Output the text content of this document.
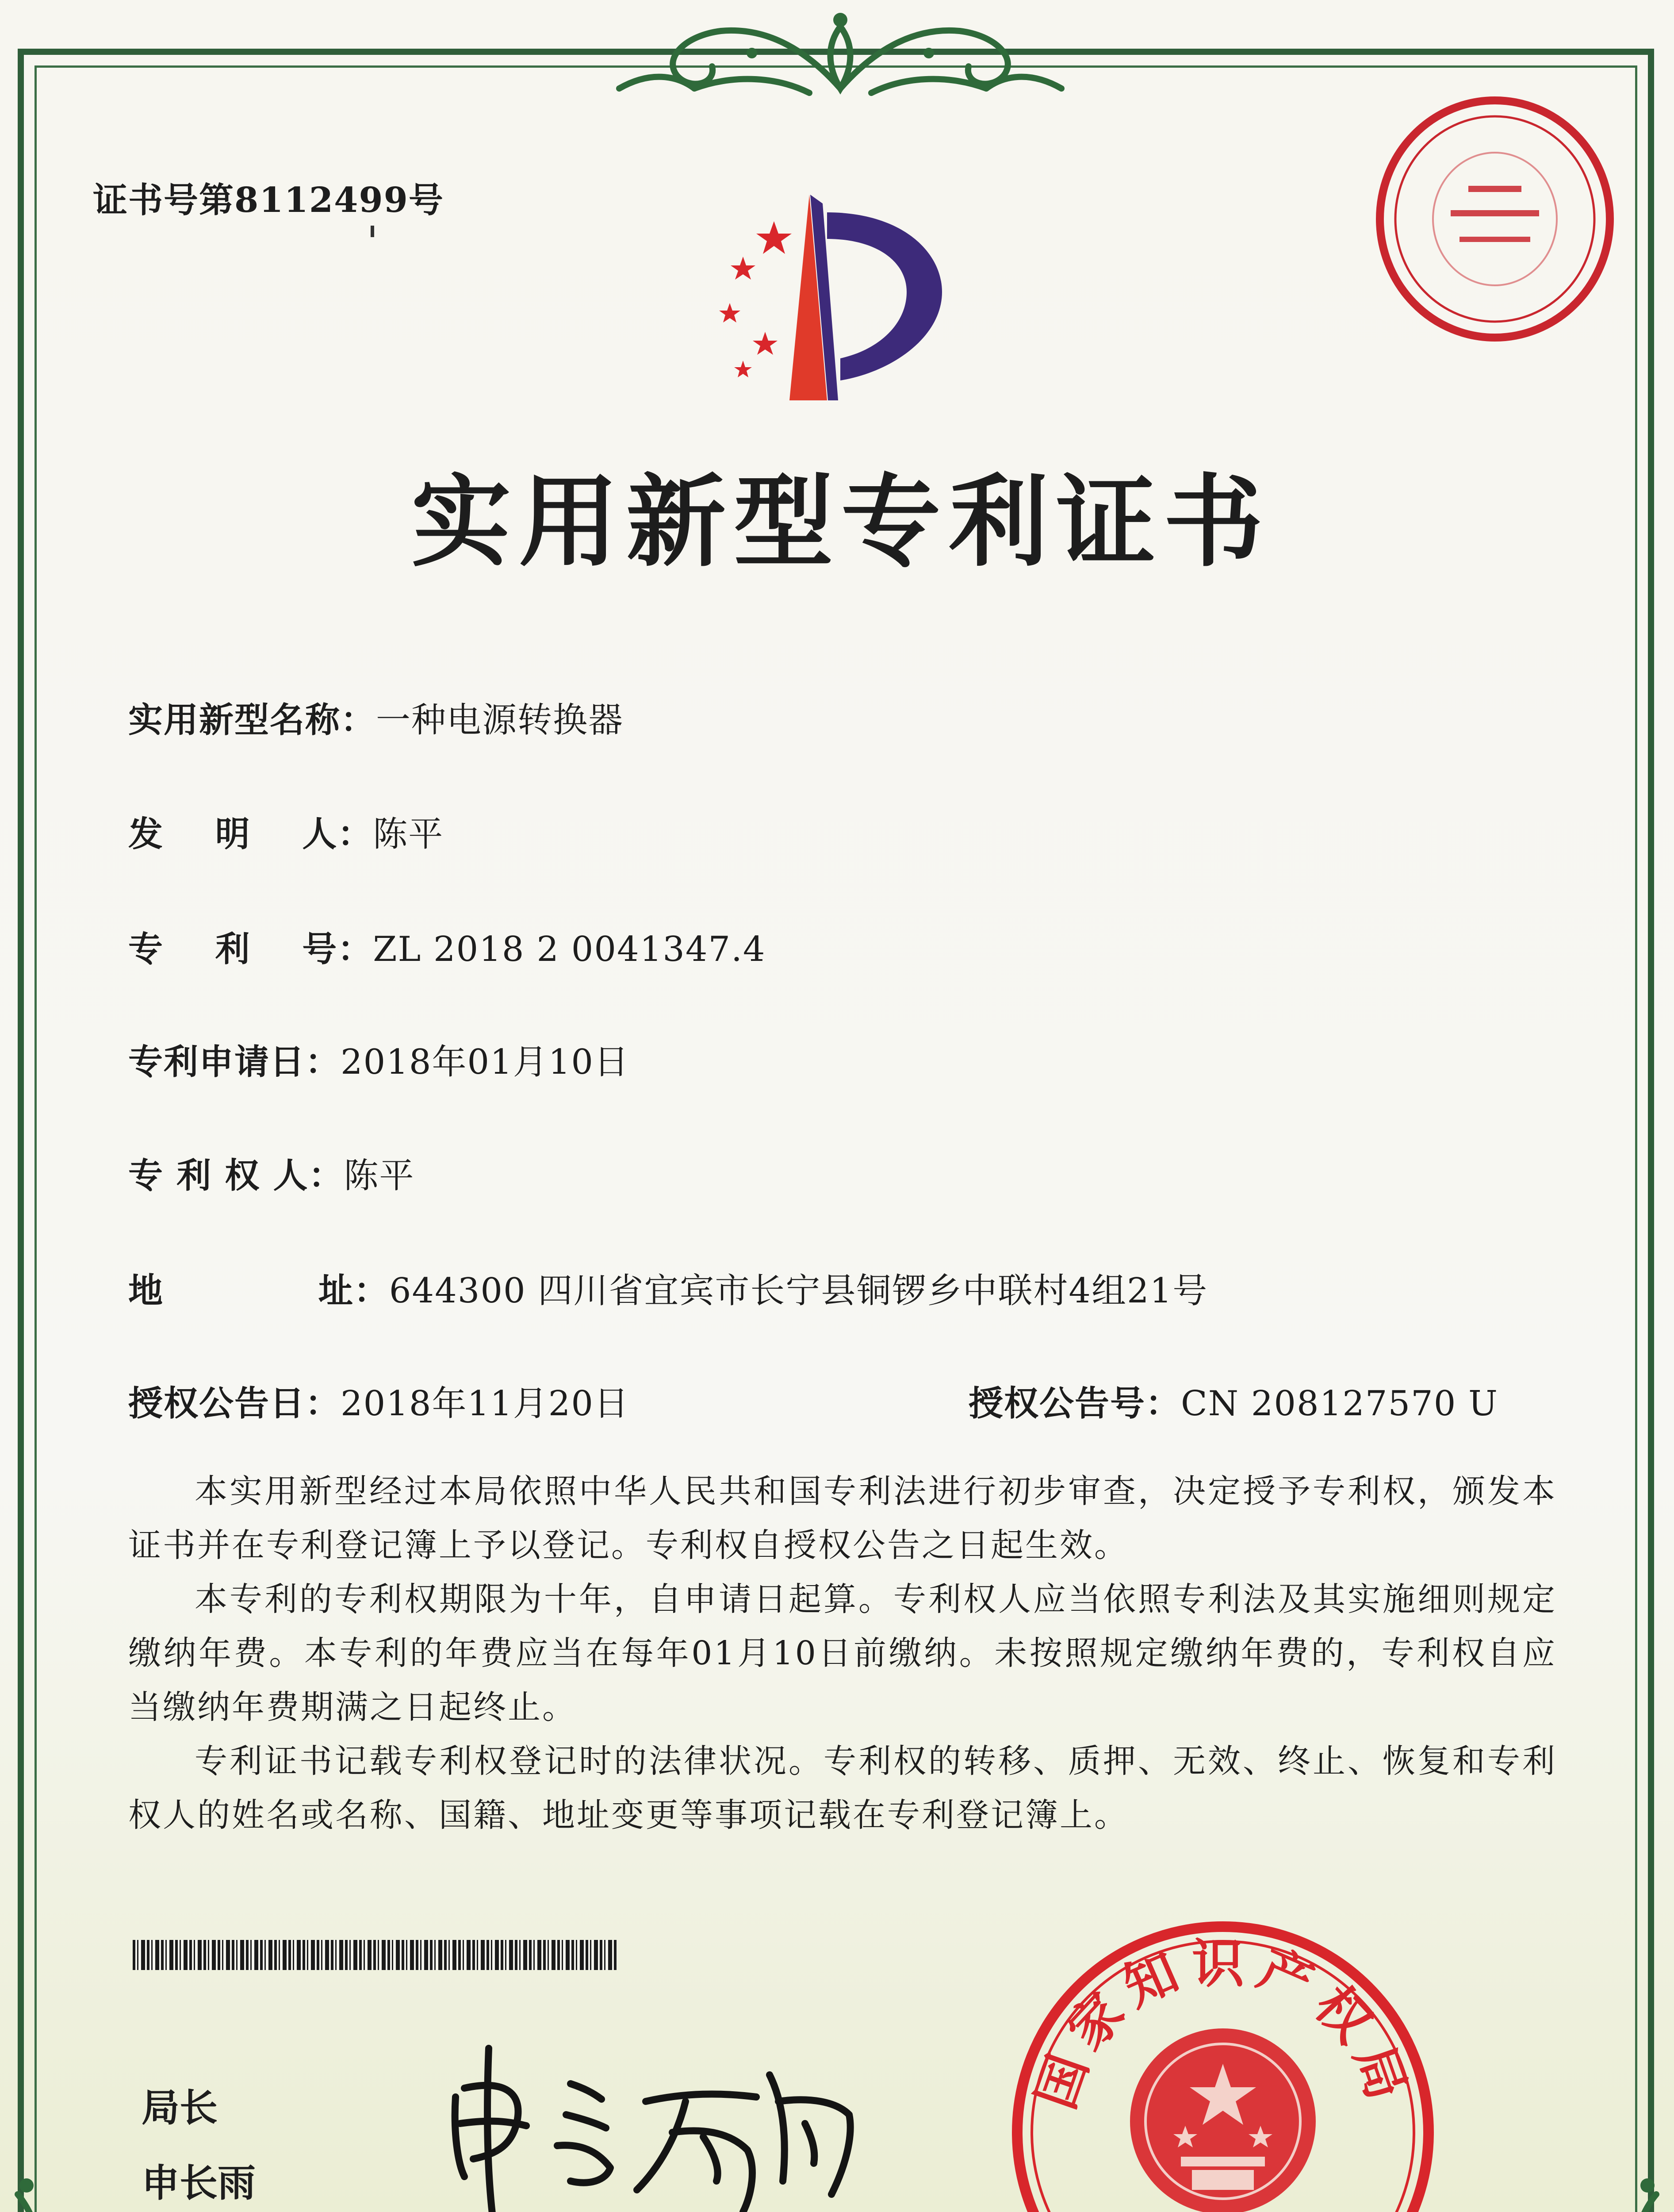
证书号第8112499号
实用新型专利证书
实用新型名称：一种电源转换器
发    明    人：陈平
专    利    号：ZL 2018 2 0041347.4
专利申请日：2018年01月10日
专 利 权 人：陈平
地            址：644300 四川省宜宾市长宁县铜锣乡中联村4组21号
授权公告日：2018年11月20日	授权公告号：CN 208127570 U

本实用新型经过本局依照中华人民共和国专利法进行初步审查，决定授予专利权，颁发本证书并在专利登记簿上予以登记。专利权自授权公告之日起生效。

本专利的专利权期限为十年，自申请日起算。专利权人应当依照专利法及其实施细则规定缴纳年费。本专利的年费应当在每年01月10日前缴纳。未按照规定缴纳年费的，专利权自应当缴纳年费期满之日起终止。

专利证书记载专利权登记时的法律状况。专利权的转移、质押、无效、终止、恢复和专利权人的姓名或名称、国籍、地址变更等事项记载在专利登记簿上。

局长
申长雨
国家知识产权局
